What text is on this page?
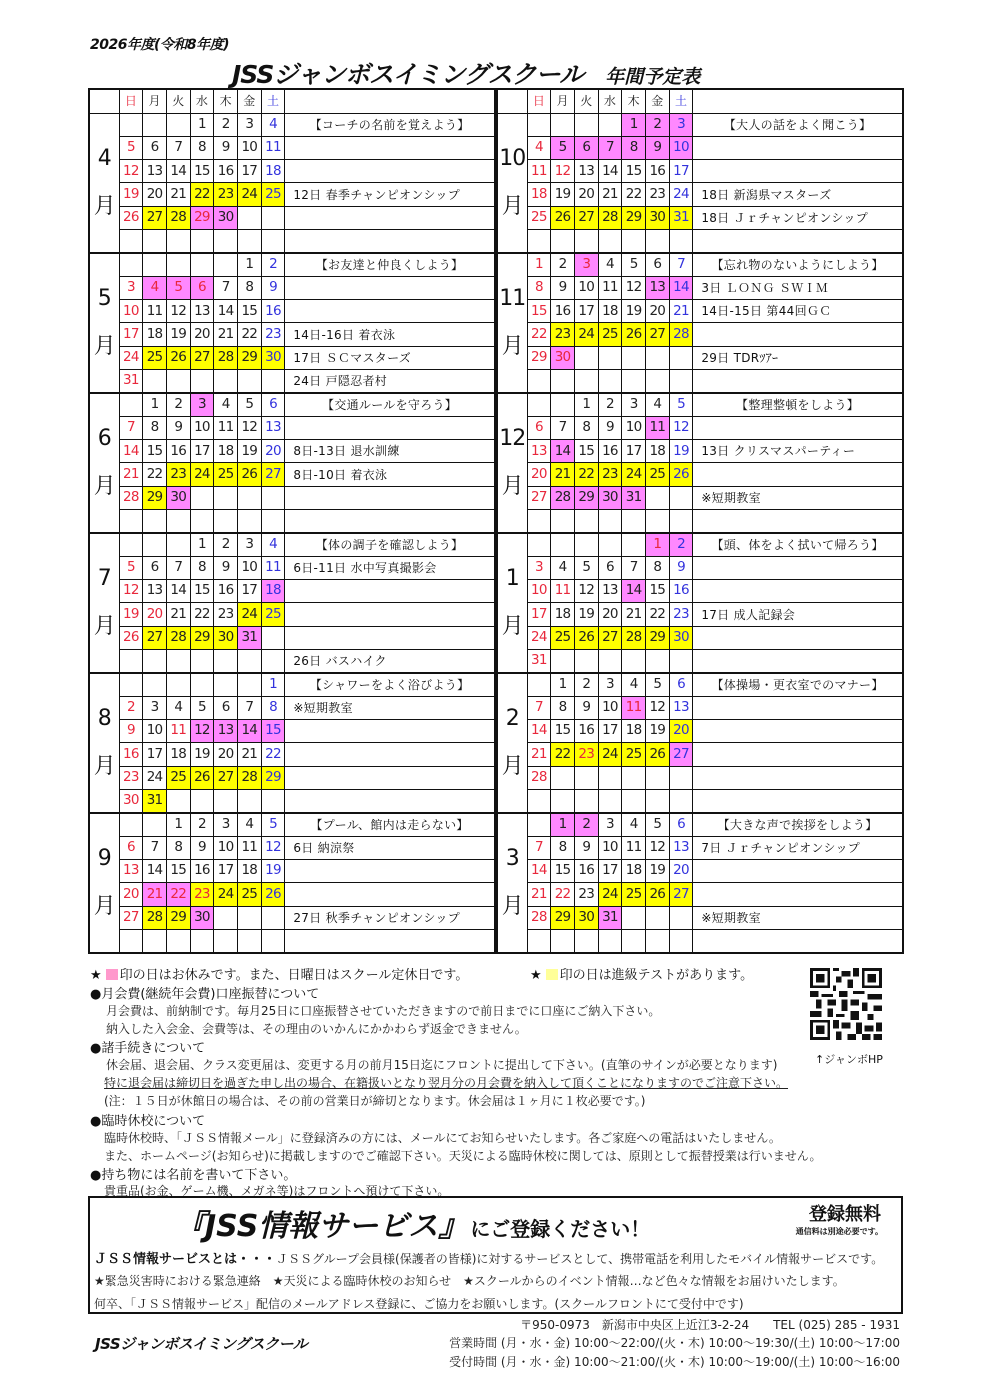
2026年度(令和8年度)
JSSジャンボスイミングスクール 年間予定表
	日	月	火	水	木	金	土	

4
月				1	2	3	4	【コーチの名前を覚えよう】
	5	6	7	8	9	10	11	
	12	13	14	15	16	17	18	
	19	20	21	22	23	24	25	12日 春季チャンピオンシップ
	26	27	28	29	30			

5
月						1	2	【お友達と仲良くしよう】
	3	4	5	6	7	8	9	
	10	11	12	13	14	15	16	
	17	18	19	20	21	22	23	14日-16日 着衣泳
	24	25	26	27	28	29	30	17日 ＳＣマスターズ
	31							24日 戸隠忍者村

6
月		1	2	3	4	5	6	【交通ルールを守ろう】
	7	8	9	10	11	12	13	
	14	15	16	17	18	19	20	8日-13日 退水訓練
	21	22	23	24	25	26	27	8日-10日 着衣泳
	28	29	30					

7
月				1	2	3	4	【体の調子を確認しよう】
	5	6	7	8	9	10	11	6日-11日 水中写真撮影会
	12	13	14	15	16	17	18	
	19	20	21	22	23	24	25	
	26	27	28	29	30	31		
								26日 バスハイク

8
月							1	【シャワーをよく浴びよう】
	2	3	4	5	6	7	8	※短期教室
	9	10	11	12	13	14	15	
	16	17	18	19	20	21	22	
	23	24	25	26	27	28	29	
	30	31						

9
月			1	2	3	4	5	【プール、館内は走らない】
	6	7	8	9	10	11	12	6日 納涼祭
	13	14	15	16	17	18	19	
	20	21	22	23	24	25	26	
	27	28	29	30				27日 秋季チャンピオンシップ

	日	月	火	水	木	金	土	

10
月					1	2	3	【大人の話をよく聞こう】
	4	5	6	7	8	9	10	
	11	12	13	14	15	16	17	
	18	19	20	21	22	23	24	18日 新潟県マスターズ
	25	26	27	28	29	30	31	18日 Ｊｒチャンピオンシップ

11
月	1	2	3	4	5	6	7	【忘れ物のないようにしよう】
	8	9	10	11	12	13	14	3日 ＬＯＮＧ ＳＷＩＭ
	15	16	17	18	19	20	21	14日-15日 第44回ＧＣ
	22	23	24	25	26	27	28	
	29	30						29日 TDRﾂｱｰ

12
月			1	2	3	4	5	【整理整頓をしよう】
	6	7	8	9	10	11	12	
	13	14	15	16	17	18	19	13日 クリスマスパーティー
	20	21	22	23	24	25	26	
	27	28	29	30	31			※短期教室

1
月						1	2	【頭、体をよく拭いて帰ろう】
	3	4	5	6	7	8	9	
	10	11	12	13	14	15	16	
	17	18	19	20	21	22	23	17日 成人記録会
	24	25	26	27	28	29	30	
	31							

2
月		1	2	3	4	5	6	【体操場・更衣室でのマナー】
	7	8	9	10	11	12	13	
	14	15	16	17	18	19	20	
	21	22	23	24	25	26	27	
	28							

3
月		1	2	3	4	5	6	【大きな声で挨拶をしよう】
	7	8	9	10	11	12	13	7日 Ｊｒチャンピオンシップ
	14	15	16	17	18	19	20	
	21	22	23	24	25	26	27	
	28	29	30	31				※短期教室

★ 印の日はお休みです。また、日曜日はスクール定休日です。	★ 印の日は進級テストがあります。
●月会費(継続年会費)口座振替について
月会費は、前納制です。毎月25日に口座振替させていただきますので前日までに口座にご納入下さい。
納入した入会金、会費等は、その理由のいかんにかかわらず返金できません。
●諸手続きについて
休会届、退会届、クラス変更届は、変更する月の前月15日迄にフロントに提出して下さい。(直筆のサインが必要となります)
特に退会届は締切日を過ぎた申し出の場合、在籍扱いとなり翌月分の月会費を納入して頂くことになりますのでご注意下さい。
(注：１５日が休館日の場合は、その前の営業日が締切となります。休会届は１ヶ月に１枚必要です。)
●臨時休校について
臨時休校時、「ＪＳＳ情報メール」に登録済みの方には、メールにてお知らせいたします。各ご家庭への電話はいたしません。
また、ホームページ(お知らせ)に掲載しますのでご確認下さい。天災による臨時休校に関しては、原則として振替授業は行いません。
●持ち物には名前を書いて下さい。
貴重品(お金、ゲーム機、メガネ等)はフロントへ預けて下さい。
↑ジャンボHP
『JSS情報サービス』 にご登録ください！
登録無料
通信料は別途必要です。
ＪＳＳ情報サービスとは・・・ＪＳＳグループ会員様(保護者の皆様)に対するサービスとして、携帯電話を利用したモバイル情報サービスです。
★緊急災害時における緊急連絡　★天災による臨時休校のお知らせ　★スクールからのイベント情報…など色々な情報をお届けいたします。
何卒、「ＪＳＳ情報サービス」配信のメールアドレス登録に、ご協力をお願いします。(スクールフロントにて受付中です)
JSSジャンボスイミングスクール
〒950-0973　新潟市中央区上近江3-2-24　　TEL (025) 285 - 1931
営業時間 (月・水・金) 10:00～22:00/(火・木) 10:00～19:30/(土) 10:00～17:00
受付時間 (月・水・金) 10:00～21:00/(火・木) 10:00～19:00/(土) 10:00～16:00
